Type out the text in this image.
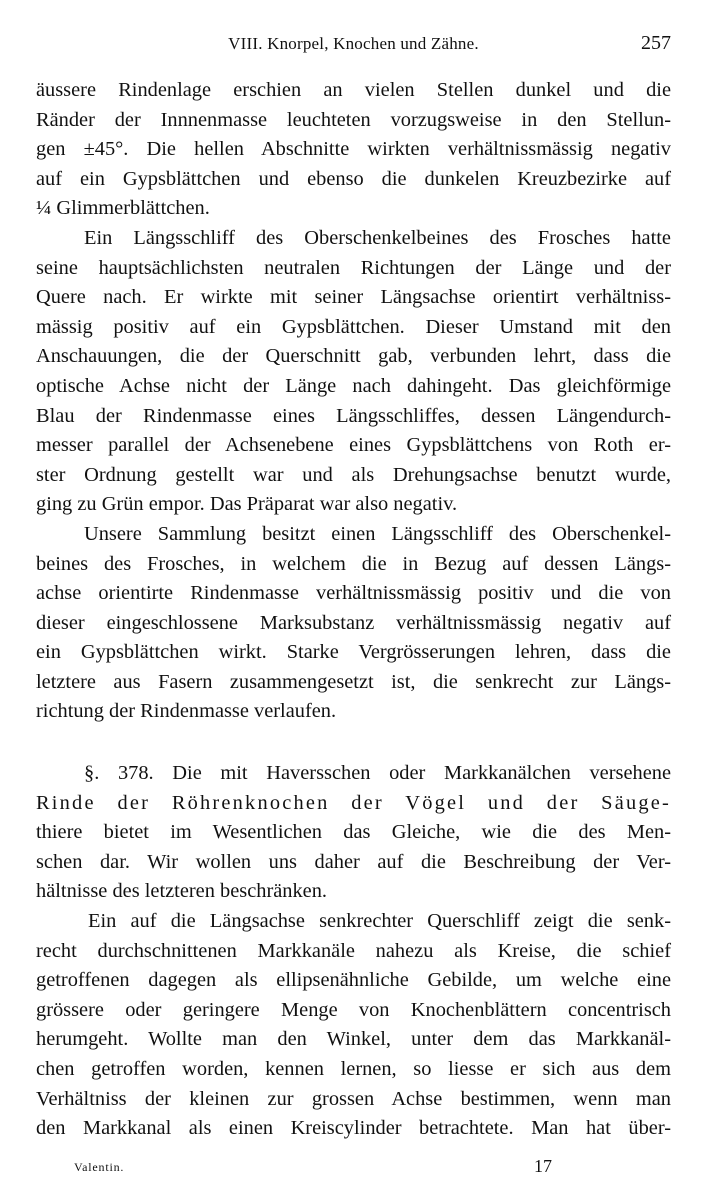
VIII. Knorpel, Knochen und Zähne.	257
äussere Rindenlage erschien an vielen Stellen dunkel und die
Ränder der Innnenmasse leuchteten vorzugsweise in den Stellun-
gen ±45°. Die hellen Abschnitte wirkten verhältnissmässig negativ
auf ein Gypsblättchen und ebenso die dunkelen Kreuzbezirke auf
¼ Glimmerblättchen.
Ein Längsschliff des Oberschenkelbeines des Frosches hatte
seine hauptsächlichsten neutralen Richtungen der Länge und der
Quere nach. Er wirkte mit seiner Längsachse orientirt verhältniss-
mässig positiv auf ein Gypsblättchen. Dieser Umstand mit den
Anschauungen, die der Querschnitt gab, verbunden lehrt, dass die
optische Achse nicht der Länge nach dahingeht. Das gleichförmige
Blau der Rindenmasse eines Längsschliffes, dessen Längendurch-
messer parallel der Achsenebene eines Gypsblättchens von Roth er-
ster Ordnung gestellt war und als Drehungsachse benutzt wurde,
ging zu Grün empor. Das Präparat war also negativ.
Unsere Sammlung besitzt einen Längsschliff des Oberschenkel-
beines des Frosches, in welchem die in Bezug auf dessen Längs-
achse orientirte Rindenmasse verhältnissmässig positiv und die von
dieser eingeschlossene Marksubstanz verhältnissmässig negativ auf
ein Gypsblättchen wirkt. Starke Vergrösserungen lehren, dass die
letztere aus Fasern zusammengesetzt ist, die senkrecht zur Längs-
richtung der Rindenmasse verlaufen.
§. 378. Die mit Haversschen oder Markkanälchen versehene
Rinde der Röhrenknochen der Vögel und der Säuge-
thiere bietet im Wesentlichen das Gleiche, wie die des Men-
schen dar. Wir wollen uns daher auf die Beschreibung der Ver-
hältnisse des letzteren beschränken.
Ein auf die Längsachse senkrechter Querschliff zeigt die senk-
recht durchschnittenen Markkanäle nahezu als Kreise, die schief
getroffenen dagegen als ellipsenähnliche Gebilde, um welche eine
grössere oder geringere Menge von Knochenblättern concentrisch
herumgeht. Wollte man den Winkel, unter dem das Markkanäl-
chen getroffen worden, kennen lernen, so liesse er sich aus dem
Verhältniss der kleinen zur grossen Achse bestimmen, wenn man
den Markkanal als einen Kreiscylinder betrachtete. Man hat über-
Valentin.	17
